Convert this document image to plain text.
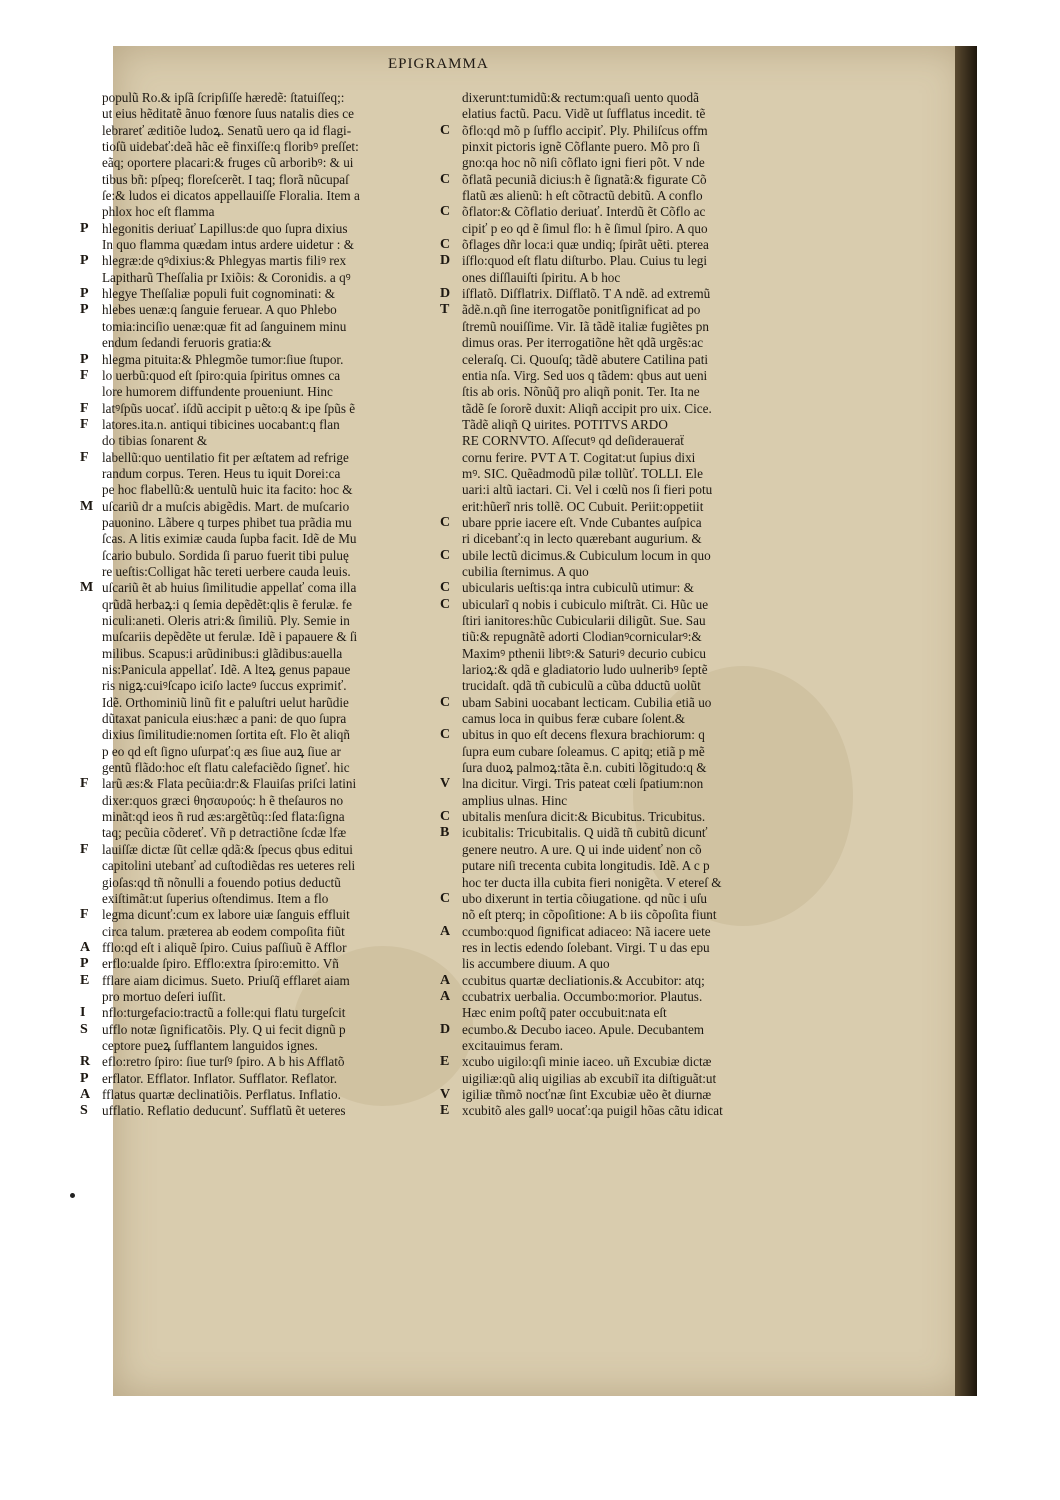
EPIGRAMMA
populũ Ro.& ipſã ſcripſiſſe hæredẽ: ſtatuiſſeq;:
ut eius hẽditatẽ ãnuo fœnore ſuus natalis dies ce
lebrareť æditiõe ludoꝝ. Senatũ uero qa id flagi-
tioſũ uidebať:deã hãc eẽ finxiſſe:q floribꝰ preſſet:
eãq; oportere placari:& fruges cũ arboribꝰ: & ui
tibus bñ: pſpeq; floreſcerẽt. I taq; florã nũcupaſ
ſe:& ludos ei dicatos appellauiſſe Floralia. Item a
phlox hoc eſt flamma
P	hlegonitis deriuať Lapillus:de quo ſupra dixius
In quo flamma quædam intus ardere uidetur : &
P	hlegræ:de qꝰdixius:& Phlegyas martis filiꝰ rex
Lapitharũ Theſſalia pr Ixiõis: & Coronidis. a qꝰ
P	hlegye Theſſaliæ populi fuit cognominati: &
P	hlebes uenæ:q ſanguie feruear. A quo Phlebo
tomia:inciſio uenæ:quæ fit ad ſanguinem minu
endum ſedandi feruoris gratia:&
P	hlegma pituita:& Phlegmõe tumor:ſiue ſtupor.
F	lo uerbũ:quod eſt ſpiro:quia ſpiritus omnes ca
lore humorem diffundente proueniunt. Hinc
F	latꝰſpũs uocať. iſdũ accipit p uẽto:q & ipe ſpũs ẽ
F	latores.ita.n. antiqui tibicines uocabant:q flan
do tibias ſonarent &
F	labellũ:quo uentilatio fit per æſtatem ad refrige
randum corpus. Teren. Heus tu iquit Dorei:ca
pe hoc flabellũ:& uentulũ huic ita facito: hoc &
M uſcariũ dr a muſcis abigẽdis. Mart. de muſcario
pauonino. Lãbere q turpes phibet tua prãdia mu
ſcas. A litis eximiæ cauda ſupba facit. Idẽ de Mu
ſcario bubulo. Sordida ſi paruo fuerit tibi puluę
re ueſtis:Colligat hãc tereti uerbere cauda leuis.
M uſcariũ ẽt ab huius ſimilitudie appellať coma illa
qrũdã herbaꝝ:i q ſemia depẽdẽt:qlis ẽ ferulæ. fe
niculi:aneti. Oleris atri:& ſimiliũ. Ply. Semie in
muſcariis depẽdẽte ut ferulæ. Idẽ i papauere & ſi
milibus. Scapus:i arũdinibus:i glãdibus:auella
nis:Panicula appellať. Idẽ. A lteꝝ genus papaue
ris nigꝝ:cuiꝰſcapo iciſo lacteꝰ ſuccus exprimiť.
Idẽ. Orthominiũ linũ fit e paluſtri uelut harũdie
dũtaxat panicula eius:hæc a pani: de quo ſupra
dixius ſimilitudie:nomen ſortita eſt. Flo ẽt aliqñ
p eo qd eſt ſigno uſurpať:q æs ſiue auꝝ ſiue ar
gentũ flãdo:hoc eſt flatu calefaciẽdo ſigneť. hic
F	larũ æs:& Flata pecũia:dr:& Flauiſas priſci latini
dixer:quos græci θησαυρούς: h ẽ theſauros no
minãt:qd ieos ñ rud æs:argẽtũq::ſed flata:ſigna
taq; pecũia cõdereť. Vñ p detractiõne ſcdæ lfæ
F	lauiſſæ dictæ ſũt cellæ qdã:& ſpecus qbus editui
capitolini utebanť ad cuſtodiẽdas res ueteres reli
gioſas:qd tñ nõnulli a fouendo potius deductũ
exiſtimãt:ut ſuperius oſtendimus. Item a flo
F	legma dicunť:cum ex labore uiæ ſanguis effluit
circa talum. præterea ab eodem compoſita fiũt
A fflo:qd eſt i aliquẽ ſpiro. Cuius paſſiuũ ẽ Afflor
P	erflo:ualde ſpiro. Efflo:extra ſpiro:emitto. Vñ
E fflare aiam dicimus. Sueto. Priuſq̃ efflaret aiam
pro mortuo deſeri iuſſit.
I	nflo:turgefacio:tractũ a folle:qui flatu turgeſcit
S	ufflo notæ ſignificatõis. Ply. Q ui fecit dignũ p
ceptore pueꝝ ſufflantem languidos ignes.
R eflo:retro ſpiro: ſiue turſꝰ ſpiro. A b his Afflatõ
P	erflator. Efflator. Inflator. Sufflator. Reflator.
A fflatus quartæ declinatiõis. Perflatus. Inflatio.
S	ufflatio. Reflatio deducunť. Sufflatũ ẽt ueteres
dixerunt:tumidũ:& rectum:quaſi uento quodã
elatius factũ. Pacu. Vidẽ ut ſufflatus incedit. tẽ
C õflo:qd mõ p ſufflo accipiť. Ply. Philiſcus offm
pinxit pictoris ignẽ Cõflante puero. Mõ pro ſi
gno:qa hoc nõ niſi cõflato igni fieri põt. V nde
C õflatã pecuniã dicius:h ẽ ſignatã:& figurate Cõ
flatũ æs alienũ: h eſt cõtractũ debitũ. A conflo
C õflator:& Cõflatio deriuať. Interdũ ẽt Cõflo ac
cipiť p eo qd ẽ ſimul flo: h ẽ ſimul ſpiro. A quo
C õflages dñr loca:i quæ undiq; ſpirãt uẽti. pterea
D iſflo:quod eſt flatu diſturbo. Plau. Cuius tu legi
ones diſſlauiſti ſpiritu. A b hoc
D iſflatõ. Diſflatrix. Diſflatõ. T A ndẽ. ad extremũ
T ãdẽ.n.qñ ſine iterrogatõe ponitſignificat ad po
ſtremũ nouiſſime. Vir. Iã tãdẽ italiæ fugiẽtes pn
dimus oras. Per iterrogatiõne hẽt qdã urgẽs:ac
celeraſq. Ci. Quouſq; tãdẽ abutere Catilina pati
entia nſa. Virg. Sed uos q tãdem: qbus aut ueni
ſtis ab oris. Nõnũq̃ pro aliqñ ponit. Ter. Ita ne
tãdẽ ſe ſororẽ duxit: Aliqñ accipit pro uix. Cice.
Tãdẽ aliqñ Q uirites. POTITVS ARDO
RE CORNVTO. Aſſecutꝰ qd deſideraueraẗ
cornu ferire. PVT A T. Cogitat:ut ſupius dixi
mꝰ. SIC. Quẽadmodũ pilæ tollũť. TOLLI. Ele
uari:i altũ iactari. Ci. Vel i cœlũ nos ſi fieri potu
erit:hũerĩ nris tollẽ. OC Cubuit. Periit:oppetiit
C ubare pprie iacere eſt. Vnde Cubantes auſpica
ri dicebanť:q in lecto quærebant augurium. &
C ubile lectũ dicimus.& Cubiculum locum in quo
cubilia ſternimus. A quo
C ubicularis ueſtis:qa intra cubiculũ utimur: &
C ubicularĩ q nobis i cubiculo miſtrãt. Ci. Hũc ue
ſtiri ianitores:hũc Cubicularii diligũt. Sue. Sau
tiũ:& repugnãtẽ adorti Clodianꝰcornicularꝰ:&
Maximꝰ pthenii libtꝰ:& Saturiꝰ decurio cubicu
larioꝝ:& qdã e gladiatorio ludo uulneribꝰ ſeptẽ
trucidaſt. qdã tñ cubiculũ a cũba dductũ uolũt
C ubam Sabini uocabant lecticam. Cubilia etiã uo
camus loca in quibus feræ cubare ſolent.&
C ubitus in quo eſt decens flexura brachiorum: q
ſupra eum cubare ſoleamus. C apitq; etiã p mẽ
ſura duoꝝ palmoꝝ:tãta ẽ.n. cubiti lõgitudo:q &
V lna dicitur. Virgi. Tris pateat cœli ſpatium:non
amplius ulnas. Hinc
C ubitalis menſura dicit:& Bicubitus. Tricubitus.
B icubitalis: Tricubitalis. Q uidã tñ cubitũ dicunť
genere neutro. A ure. Q ui inde uidenť non cõ
putare niſi trecenta cubita longitudis. Idẽ. A c p
hoc ter ducta illa cubita fieri nonigẽta. V etereſ &
C ubo dixerunt in tertia cõiugatione. qd nũc i uſu
nõ eſt pterq; in cõpoſitione: A b iis cõpoſita fiunt
A ccumbo:quod ſignificat adiaceo: Nã iacere uete
res in lectis edendo ſolebant. Virgi. T u das epu
lis accumbere diuum. A quo
A ccubitus quartæ decliationis.& Accubitor: atq;
A ccubatrix uerbalia. Occumbo:morior. Plautus.
Hæc enim poſtq̃ pater occubuit:nata eſt
D ecumbo.& Decubo iaceo. Apule. Decubantem
excitauimus feram.
E xcubo uigilo:qſi minie iaceo. uñ Excubiæ dictæ
uigiliæ:qũ aliq uigilias ab excubiĩ ita diſtiguãt:ut
V igiliæ tñmõ nocťnæ ſint Excubiæ uẽo ẽt diurnæ
E xcubitõ ales gallꝰ uocať:qa puigil hõas cãtu idicat
